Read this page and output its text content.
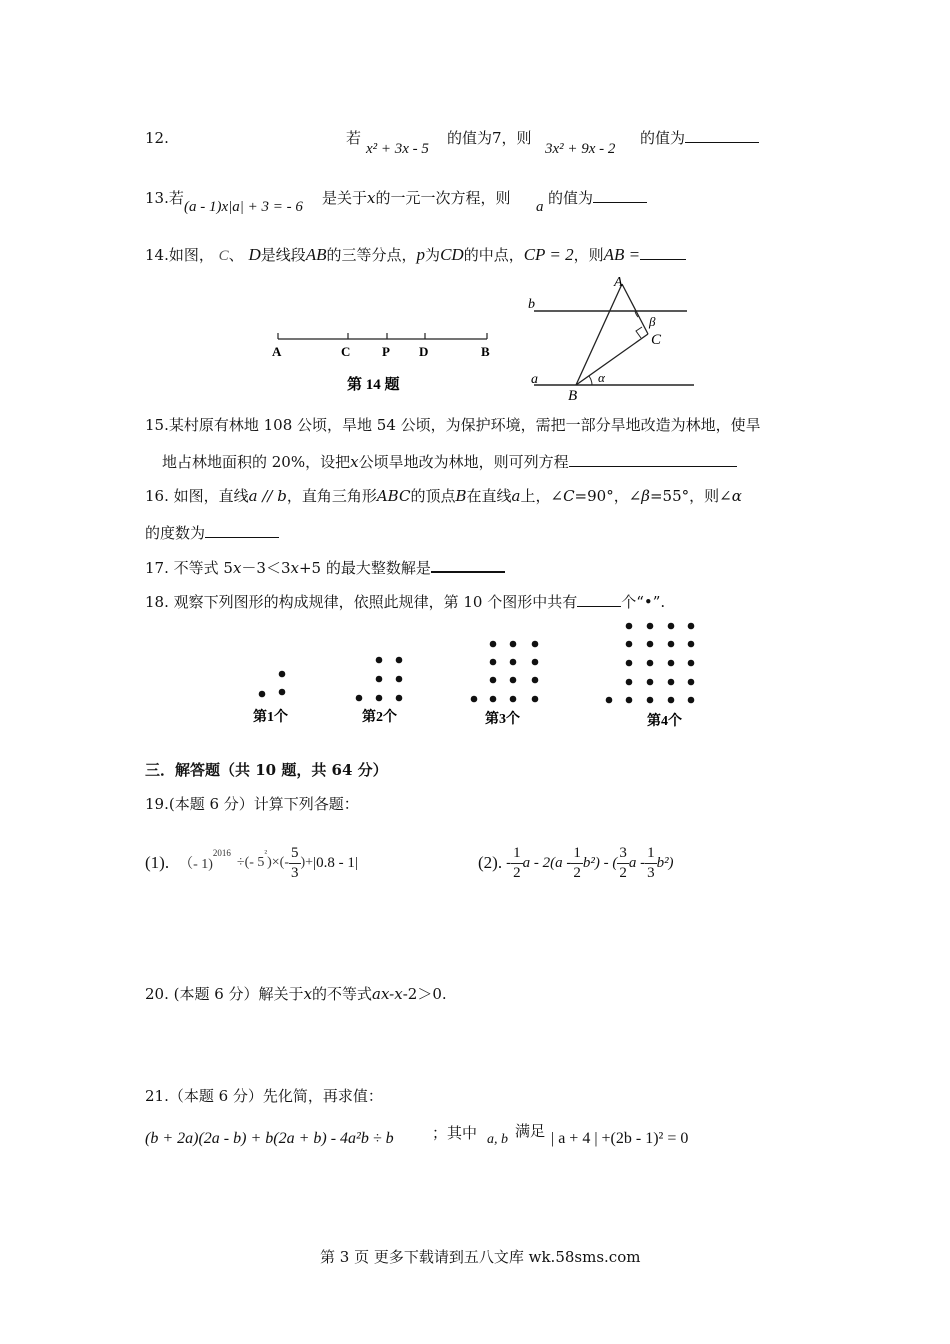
12.	若
x² + 3x - 5
的值为7，则
3x² + 9x - 2
的值为
13.若 (a - 1)x|a| + 3 = - 6 是关于x的一元一次方程，则 a 的值为
14.如图， C、 D是线段AB的三等分点，p为CD的中点，CP = 2，则AB =
A	C P D	B
第 14 题
A
b
β
C
a
B
α
15.某村原有林地 108 公顷，旱地 54 公顷，为保护环境，需把一部分旱地改造为林地，使旱
地占林地面积的 20%，设把x公顷旱地改为林地，则可列方程
16. 如图，直线a // b，直角三角形ABC的顶点B在直线a上，∠C=90°，∠β=55°，则∠α
的度数为
17. 不等式 5x－3＜3x+5 的最大整数解是
18. 观察下列图形的构成规律，依照此规律，第 10 个图形中共有	个“•”.
第1个	第2个	第3个	第4个
三．解答题（共 10 题，共 64 分）
19.(本题 6 分）计算下列各题：
(1). （- 1)
$^{2016}$
÷(- 5
$^{^2}$
)×(- $\frac{5}{3}$ )+ |0.8 - 1|	(2). - $\frac{1}{2}$ a - $2(a - \frac{1}{2} b^2)$ - ( $\frac{3}{2}$ a - $\frac{1}{3} b^2$)
20. (本题 6 分）解关于x的不等式ax-x-2＞0.
21.（本题 6 分）先化简，再求值：
(b + 2a)(2a - b) + b(2a + b) - 4a²b ÷ b	；其中 a, b 满足 | a + 4 | +(2b - 1)² = 0
第 3 页 更多下载请到五八文库 wk.58sms.com
